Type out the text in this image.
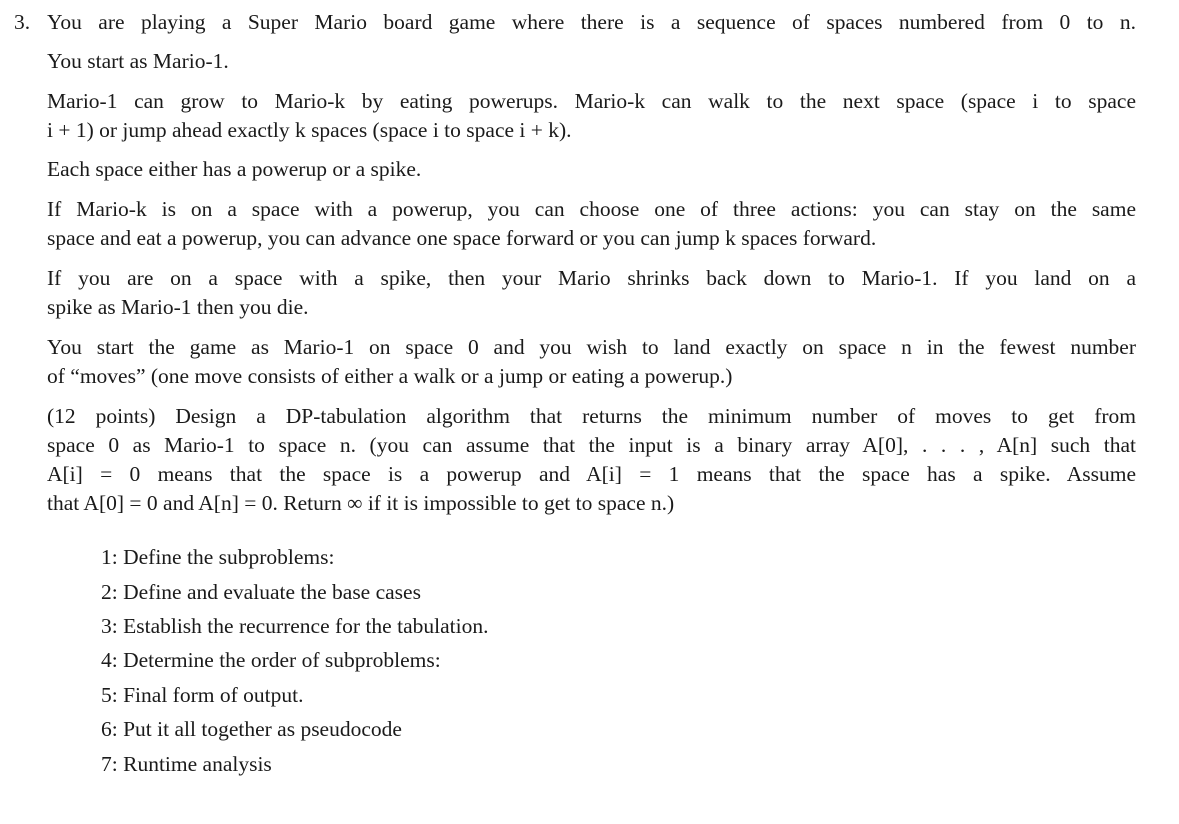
3. You are playing a Super Mario board game where there is a sequence of spaces numbered from 0 to n.
You start as Mario-1.
Mario-1 can grow to Mario-k by eating powerups. Mario-k can walk to the next space (space i to space
i + 1) or jump ahead exactly k spaces (space i to space i + k).
Each space either has a powerup or a spike.
If Mario-k is on a space with a powerup, you can choose one of three actions: you can stay on the same
space and eat a powerup, you can advance one space forward or you can jump k spaces forward.
If you are on a space with a spike, then your Mario shrinks back down to Mario-1. If you land on a
spike as Mario-1 then you die.
You start the game as Mario-1 on space 0 and you wish to land exactly on space n in the fewest number
of “moves” (one move consists of either a walk or a jump or eating a powerup.)
(12 points) Design a DP-tabulation algorithm that returns the minimum number of moves to get from
space 0 as Mario-1 to space n. (you can assume that the input is a binary array A[0], . . . , A[n] such that
A[i] = 0 means that the space is a powerup and A[i] = 1 means that the space has a spike. Assume
that A[0] = 0 and A[n] = 0. Return ∞ if it is impossible to get to space n.)
1: Define the subproblems:
2: Define and evaluate the base cases
3: Establish the recurrence for the tabulation.
4: Determine the order of subproblems:
5: Final form of output.
6: Put it all together as pseudocode
7: Runtime analysis
